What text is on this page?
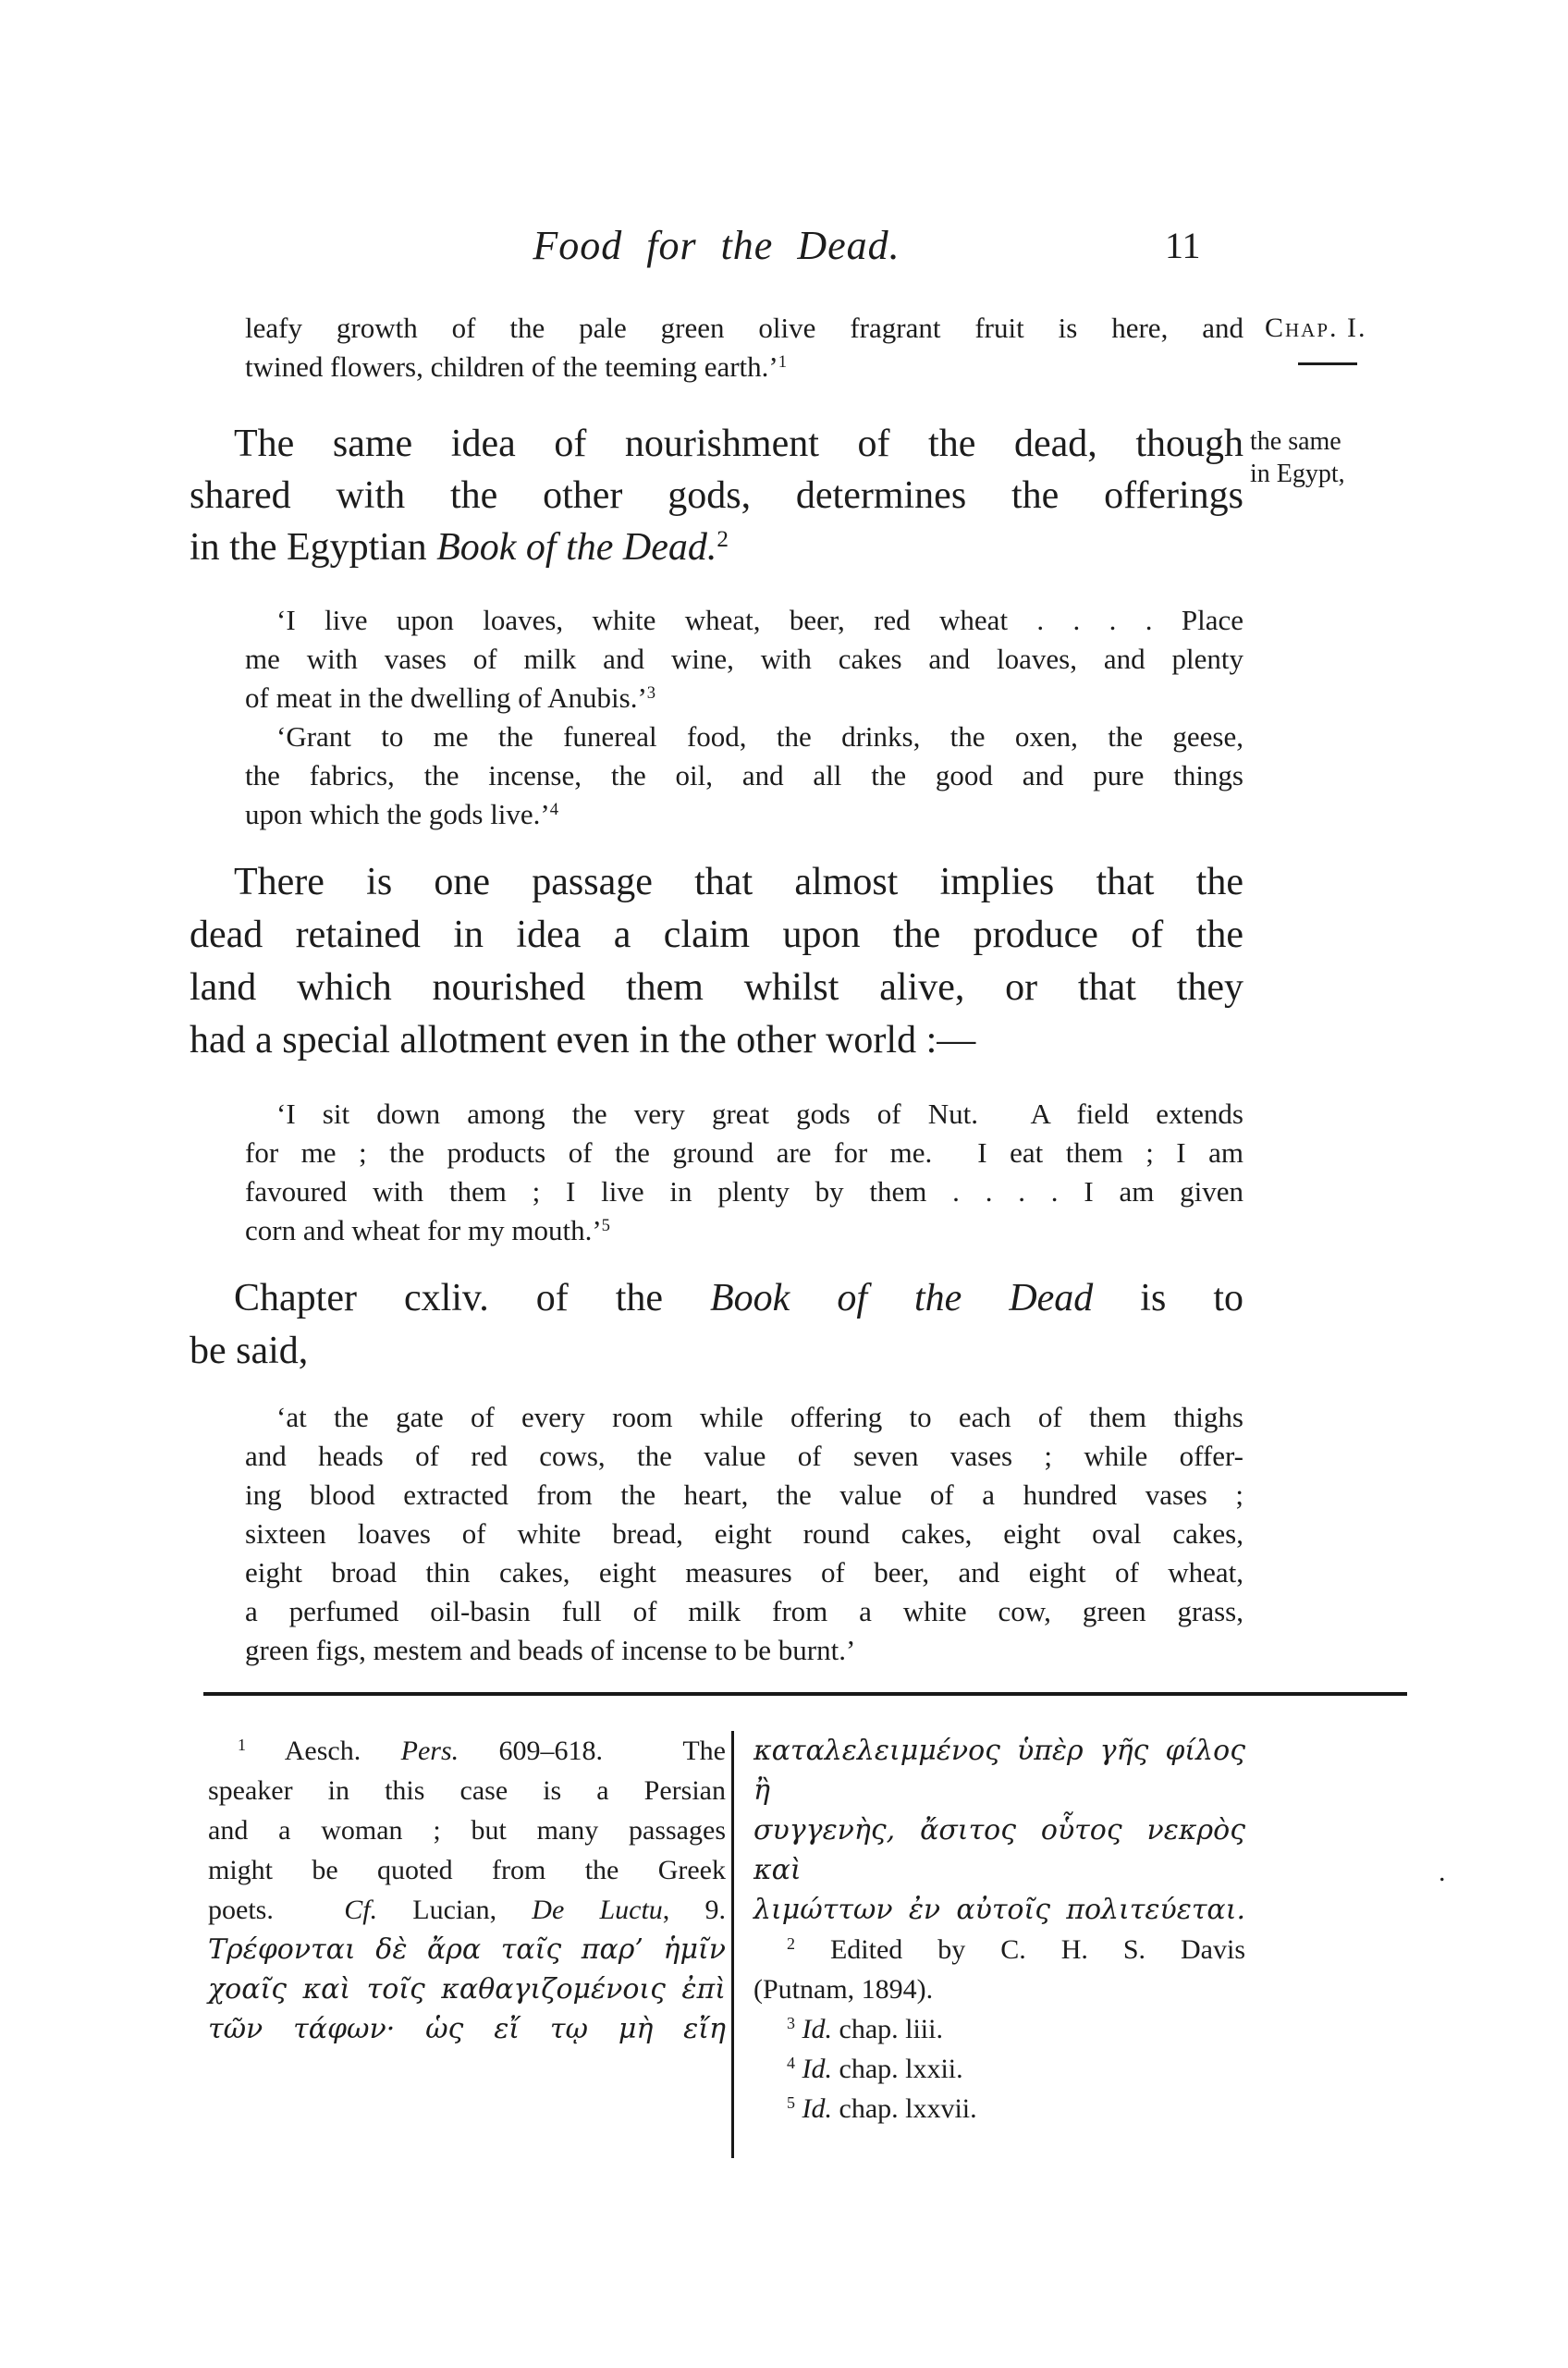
Food for the Dead.	11
Chap. I.
the same
in Egypt,
leafy growth of the pale green olive fragrant fruit is here, and
twined flowers, children of the teeming earth.’$^1$
The same idea of nourishment of the dead, though
shared with the other gods, determines the offerings
in the Egyptian Book of the Dead.$^2$
‘I live upon loaves, white wheat, beer, red wheat . . . . Place
me with vases of milk and wine, with cakes and loaves, and plenty
of meat in the dwelling of Anubis.’$^3$
‘Grant to me the funereal food, the drinks, the oxen, the geese,
the fabrics, the incense, the oil, and all the good and pure things
upon which the gods live.’$^4$
There is one passage that almost implies that the
dead retained in idea a claim upon the produce of the
land which nourished them whilst alive, or that they
had a special allotment even in the other world :—
‘I sit down among the very great gods of Nut.  A field extends
for me ; the products of the ground are for me.  I eat them ; I am
favoured with them ; I live in plenty by them . . . . I am given
corn and wheat for my mouth.’$^5$
Chapter cxliv. of the Book of the Dead is to
be said,
‘at the gate of every room while offering to each of them thighs
and heads of red cows, the value of seven vases ; while offer-
ing blood extracted from the heart, the value of a hundred vases ;
sixteen loaves of white bread, eight round cakes, eight oval cakes,
eight broad thin cakes, eight measures of beer, and eight of wheat,
a perfumed oil-basin full of milk from a white cow, green grass,
green figs, mestem and beads of incense to be burnt.’
$^1$ Aesch. Pers. 609–618.  The
speaker in this case is a Persian
and a woman ; but many passages
might be quoted from the Greek
poets.  Cf. Lucian, De Luctu, 9.
Τρέφονται δὲ ἄρα ταῖς παρ’ ἡμῖν
χοαῖς καὶ τοῖς καθαγιζομένοις ἐπὶ
τῶν τάφων· ὡς εἴ τῳ μὴ εἴη
καταλελειμμένος ὑπὲρ γῆς φίλος ἢ
συγγενὴς, ἄσιτος οὗτος νεκρὸς καὶ
λιμώττων ἐν αὐτοῖς πολιτεύεται.
$^2$ Edited by C. H. S. Davis
(Putnam, 1894).
$^3$ Id. chap. liii.
$^4$ Id. chap. lxxii.
$^5$ Id. chap. lxxvii.
.
